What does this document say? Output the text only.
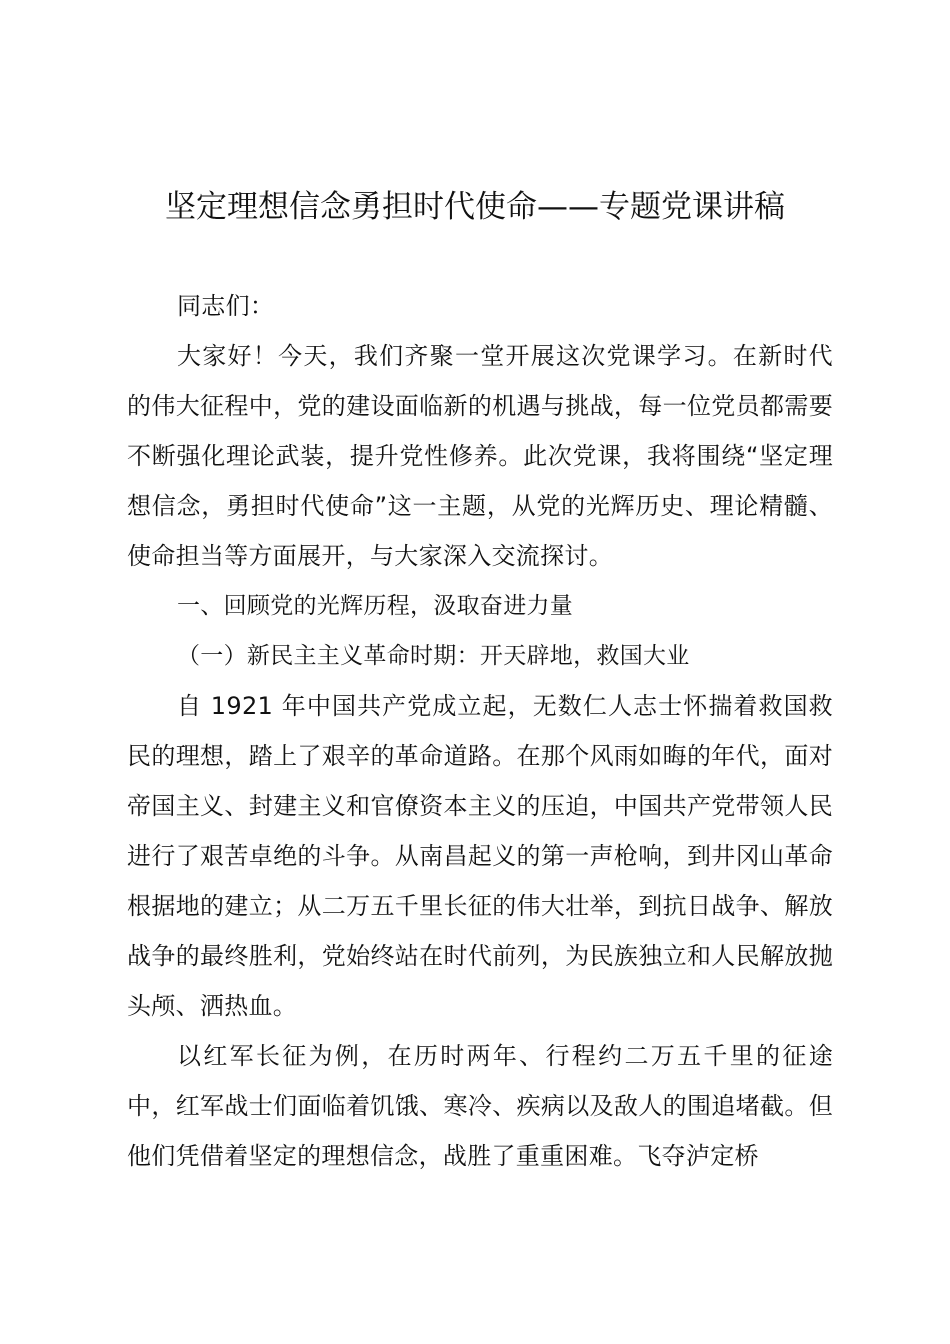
坚定理想信念勇担时代使命——专题党课讲稿

同志们：

大家好！今天，我们齐聚一堂开展这次党课学习。在新时代的伟大征程中，党的建设面临新的机遇与挑战，每一位党员都需要不断强化理论武装，提升党性修养。此次党课，我将围绕“坚定理想信念，勇担时代使命”这一主题，从党的光辉历史、理论精髓、使命担当等方面展开，与大家深入交流探讨。

一、回顾党的光辉历程，汲取奋进力量

（一）新民主主义革命时期：开天辟地，救国大业

自 1921 年中国共产党成立起，无数仁人志士怀揣着救国救民的理想，踏上了艰辛的革命道路。在那个风雨如晦的年代，面对帝国主义、封建主义和官僚资本主义的压迫，中国共产党带领人民进行了艰苦卓绝的斗争。从南昌起义的第一声枪响，到井冈山革命根据地的建立；从二万五千里长征的伟大壮举，到抗日战争、解放战争的最终胜利，党始终站在时代前列，为民族独立和人民解放抛头颅、洒热血。

以红军长征为例，在历时两年、行程约二万五千里的征途中，红军战士们面临着饥饿、寒冷、疾病以及敌人的围追堵截。但他们凭借着坚定的理想信念，战胜了重重困难。飞夺泸定桥
